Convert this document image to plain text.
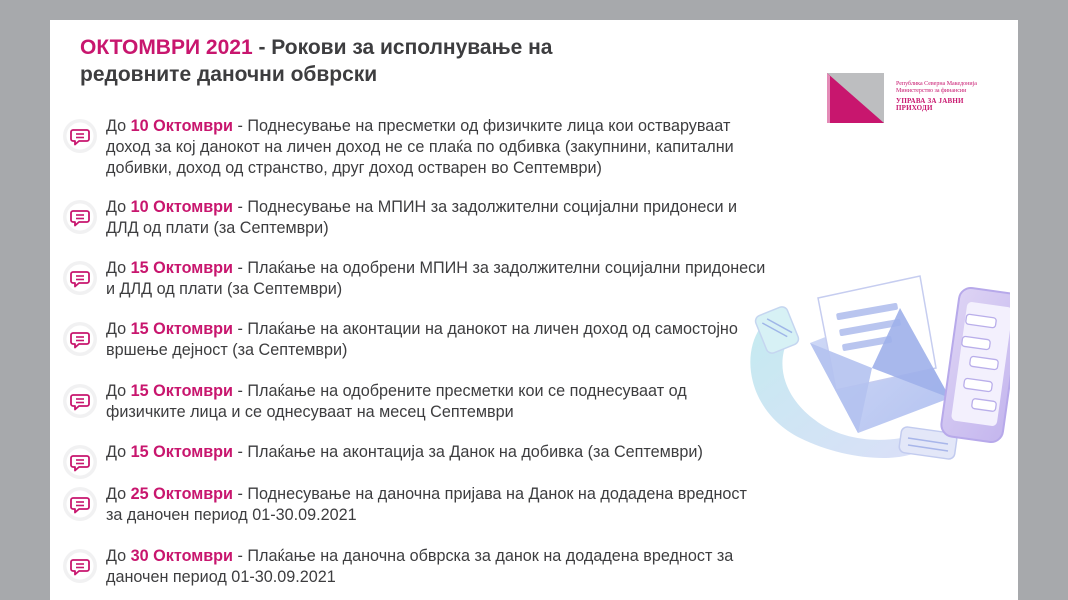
ОКТОМВРИ 2021 - Рокови за исполнување на редовните даночни обврски	Република Северна Македонија
Министерство за финансии
УПРАВА ЗА ЈАВНИ ПРИХОДИ
До 10 Октомври - Поднесување на пресметки од физичките лица кои остваруваат доход за кој данокот на личен доход не се плаќа по одбивка (закупнини, капитални добивки, доход од странство, друг доход остварен во Септември)
До 10 Октомври - Поднесување на МПИН за задолжителни социјални придонеси и ДЛД од плати (за Септември)
До 15 Октомври - Плаќање на одобрени МПИН за задолжителни социјални придонеси и ДЛД од плати (за Септември)
До 15 Октомври - Плаќање на аконтации на данокот на личен доход од самостојно вршење дејност (за Септември)
До 15 Октомври - Плаќање на одобрените пресметки кои се поднесуваат од физичките лица и се однесуваат на месец Септември
До 15 Октомври - Плаќање на аконтација за Данок на добивка (за Септември)
До 25 Октомври - Поднесување на даночна пријава на Данок на додадена вредност за даночен период 01-30.09.2021
До 30 Октомври - Плаќање на даночна обврска за данок на додадена вредност за даночен период 01-30.09.2021
